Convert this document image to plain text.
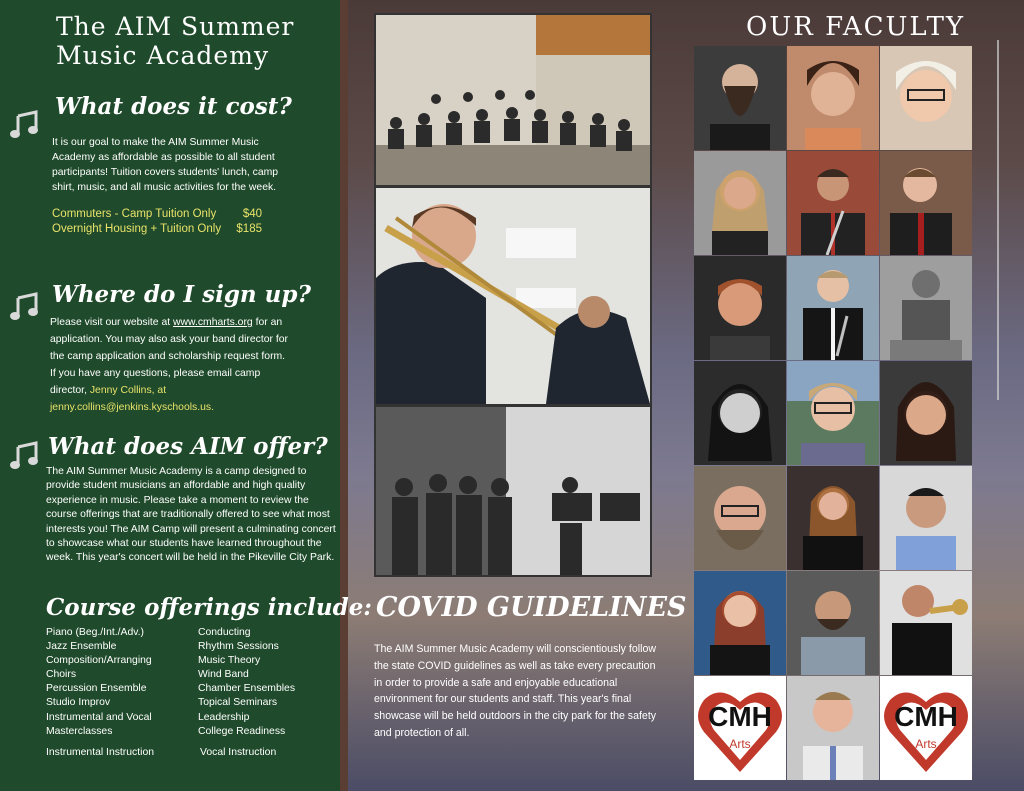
The AIM Summer
Music Academy
What does it cost?
It is our goal to make the AIM Summer Music Academy as affordable as possible to all student participants! Tuition covers students' lunch, camp shirt, music, and all music activities for the week.
Commuters - Camp Tuition Only $40
Overnight Housing + Tuition Only $185
Where do I sign up?
Please visit our website at www.cmharts.org for an application. You may also ask your band director for the camp application and scholarship request form. If you have any questions, please email camp director, Jenny Collins, at jenny.collins@jenkins.kyschools.us.
What does AIM offer?
The AIM Summer Music Academy is a camp designed to provide student musicians an affordable and high quality experience in music. Please take a moment to review the course offerings that are traditionally offered to see what most interests you! The AIM Camp will present a culminating concert to showcase what our students have learned throughout the week. This year's concert will be held in the Pikeville City Park.
Course offerings include:
Piano (Beg./Int./Adv.)
Jazz Ensemble
Composition/Arranging
Choirs
Percussion Ensemble
Studio Improv
Instrumental and Vocal
Masterclasses
Conducting
Rhythm Sessions
Music Theory
Wind Band
Chamber Ensembles
Topical Seminars
Leadership
College Readiness
Instrumental Instruction	Vocal Instruction
COVID GUIDELINES
The AIM Summer Music Academy will conscientiously follow the state COVID guidelines as well as take every precaution in order to provide a safe and enjoyable educational environment for our students and staff. This year's final showcase will be held outdoors in the city park for the safety and protection of all.
OUR FACULTY
CMH
Arts
CMH
Arts
